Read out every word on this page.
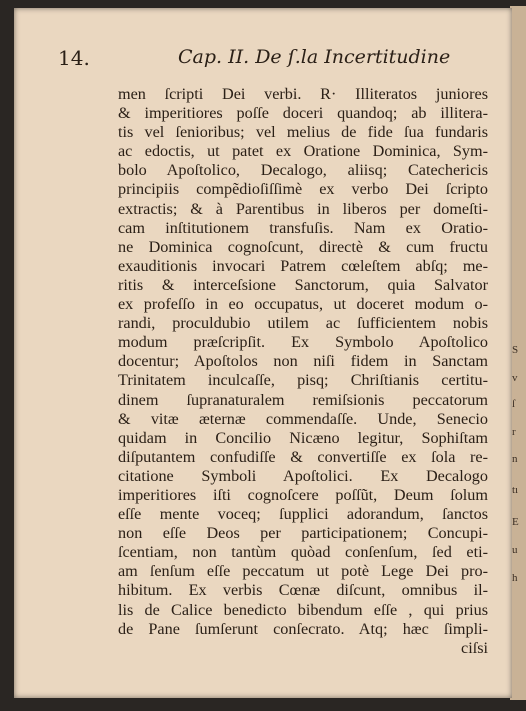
S
v
ſ
r
n
tı
E
u
h
14.	Cap. II. De ſ.la Incertitudine
men ſcripti Dei verbi. R· Illiteratos juniores
& imperitiores poſſe doceri quandoq; ab illitera-
tis vel ſenioribus; vel melius de fide ſua fundaris
ac edoctis, ut patet ex Oratione Dominica, Sym-
bolo Apoſtolico, Decalogo, aliisq; Catechericis
principiis compẽdioſiſſimè ex verbo Dei ſcripto
extractis; & à Parentibus in liberos per domeſti-
cam inſtitutionem transfuſis. Nam ex Oratio-
ne Dominica cognoſcunt, directè & cum fructu
exauditionis invocari Patrem cœleſtem abſq; me-
ritis & interceſsione Sanctorum, quia Salvator
ex profeſſo in eo occupatus, ut doceret modum o-
randi, proculdubio utilem ac ſufficientem nobis
modum præſcripſit. Ex Symbolo Apoſtolico
docentur; Apoſtolos non niſi fidem in Sanctam
Trinitatem inculcaſſe, pisq; Chriſtianis certitu-
dinem ſupranaturalem remiſsionis peccatorum
& vitæ æternæ commendaſſe. Unde, Senecio
quidam in Concilio Nicæno legitur, Sophiſtam
diſputantem confudiſſe & convertiſſe ex ſola re-
citatione Symboli Apoſtolici. Ex Decalogo
imperitiores iſti cognoſcere poſſũt, Deum ſolum
eſſe mente voceq; ſupplici adorandum, ſanctos
non eſſe Deos per participationem; Concupi-
ſcentiam, non tantùm quòad conſenſum, ſed eti-
am ſenſum eſſe peccatum ut potè Lege Dei pro-
hibitum. Ex verbis Cœnæ diſcunt, omnibus il-
lis de Calice benedicto bibendum eſſe , qui prius
de Pane ſumſerunt conſecrato. Atq; hæc ſimpli-
ciſsi
